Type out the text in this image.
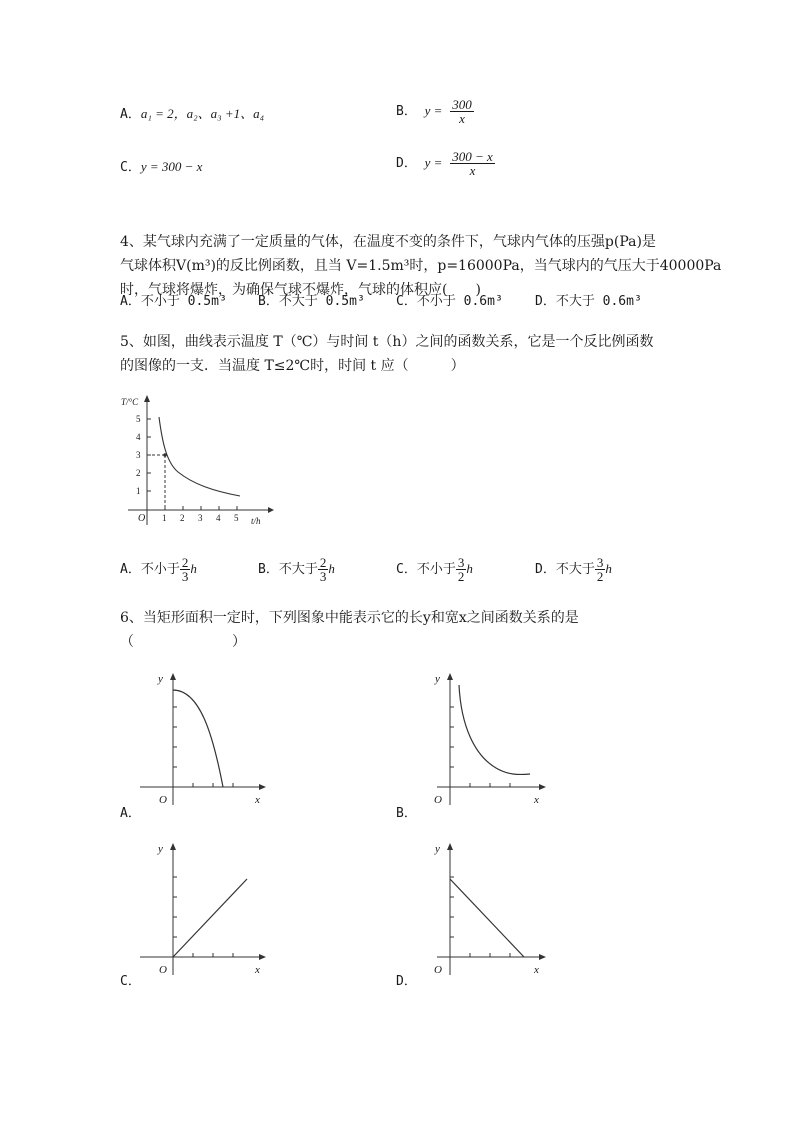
A．a₁ = 2，a₂、a₃ +1、a₄	B． $y = \frac{300}{x}$
C．y = 300 − x	D． $y = \frac{300 - x}{x}$
4、某气球内充满了一定质量的气体，在温度不变的条件下，气球内气体的压强p(Pa)是
气球体积V(m³)的反比例函数，且当 V=1.5m³时，p=16000Pa，当气球内的气压大于40000Pa
时，气球将爆炸，为确保气球不爆炸，气球的体积应(　　)
A．不小于 0.5m³ B．不大于 0.5m³ C．不小于 0.6m³ D．不大于 0.6m³
5、如图，曲线表示温度 T（℃）与时间 t（h）之间的函数关系，它是一个反比例函数
的图像的一支．当温度 T≤2℃时，时间 t 应（　　　）
T/°C
t/h
O
1
2
3
4
5
1 2 3 4 5
A．不小于 $\frac{2}{3}$ h	B．不大于 $\frac{2}{3}$ h	C．不小于 $\frac{3}{2}$ h	D．不大于 $\frac{3}{2}$ h
6、当矩形面积一定时，下列图象中能表示它的长y和宽x之间函数关系的是
（　　　　　　　）
y
x
O
A．
y
x
O
B．
y
x
O
C．
y
x
O
D．
